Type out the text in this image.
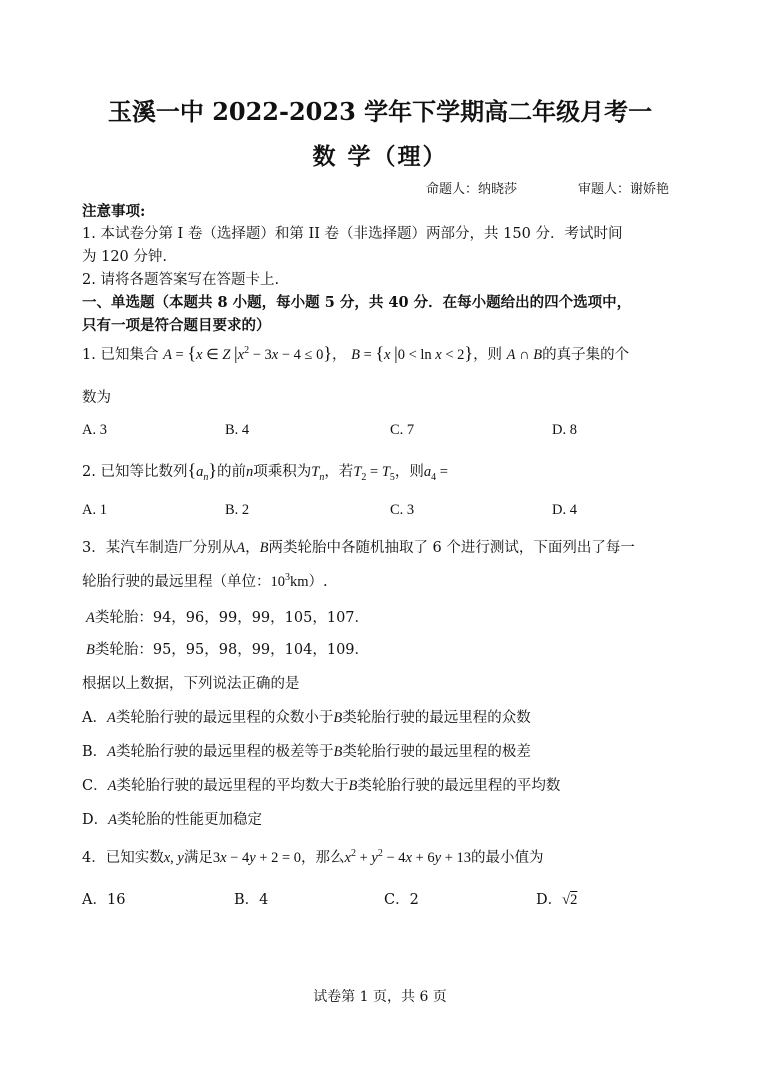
玉溪一中 2022-2023 学年下学期高二年级月考一
数 学（理）
命题人：纳晓莎	审题人：谢娇艳
注意事项:
1. 本试卷分第 I 卷（选择题）和第 II 卷（非选择题）两部分，共 150 分．考试时间
为 120 分钟.
2. 请将各题答案写在答题卡上.
一、单选题（本题共 8 小题，每小题 5 分，共 40 分．在每小题给出的四个选项中，
只有一项是符合题目要求的）
1. 已知集合 A = {x ∈ Z $|x^2 - 3x - 4 \le 0$}， B = {x |0 < ln x < 2}，则 A ∩ B的真子集的个
数为
A. 3	B. 4	C. 7	D. 8
2. 已知等比数列$\{a_n\}$的前n项乘积为$T_n$，若$T_2 = T_5$，则$a_4$ =
A. 1	B. 2	C. 3	D. 4
3．某汽车制造厂分别从A，B两类轮胎中各随机抽取了 6 个进行测试，下面列出了每一
轮胎行驶的最远里程（单位：$10^3km$）.
A类轮胎：94，96，99，99，105，107．
B类轮胎：95，95，98，99，104，109．
根据以上数据，下列说法正确的是
A．A类轮胎行驶的最远里程的众数小于B类轮胎行驶的最远里程的众数
B．A类轮胎行驶的最远里程的极差等于B类轮胎行驶的最远里程的极差
C．A类轮胎行驶的最远里程的平均数大于B类轮胎行驶的最远里程的平均数
D．A类轮胎的性能更加稳定
4．已知实数x, y满足3x − 4y + 2 = 0，那么$x^2 + y^2 - 4x + 6y + 13$的最小值为
A．16	B．4	C．2	D．√2
试卷第 1 页，共 6 页
